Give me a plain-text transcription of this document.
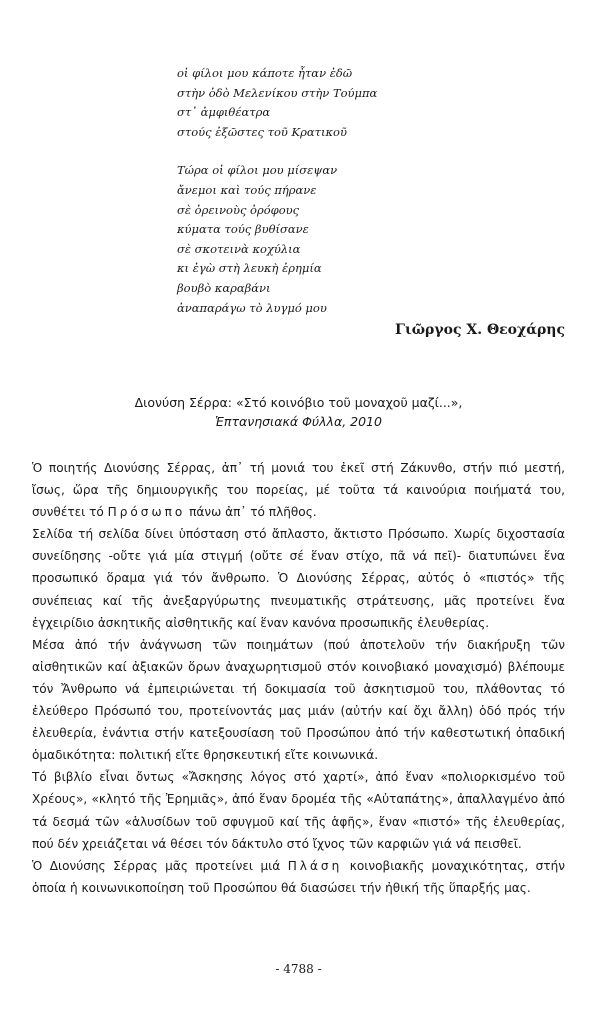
οἱ φίλοι μου κάποτε ἦταν ἐδῶ
στὴν ὁδὸ Μελενίκου στὴν Τούμπα
στ᾿ ἀμφιθέατρα
στούς ἐξῶστες τοῦ Κρατικοῦ
Τώρα οἱ φίλοι μου μίσεψαν
ἄνεμοι καὶ τούς πήρανε
σὲ ὀρεινοὺς ὀρόφους
κύματα τούς βυθίσανε
σὲ σκοτεινὰ κοχύλια
κι ἐγὼ στὴ λευκὴ ἐρημία
βουβὸ καραβάνι
ἀναπαράγω τὸ λυγμό μου
Γιῶργος Χ. Θεοχάρης
Διονύση Σέρρα: «Στό κοινόβιο τοῦ μοναχοῦ μαζί...»,
Ἑπτανησιακά Φύλλα, 2010

Ὁ ποιητής Διονύσης Σέρρας, ἀπ᾿ τή μονιά του ἐκεῖ στή Ζάκυνθο, στήν πιό μεστή, ἴσως, ὥρα τῆς δημιουργικῆς του πορείας, μέ τοῦτα τά καινούρια ποιήματά του, συνθέτει τό Πρόσωπο πάνω ἀπ᾿ τό πλῆθος.

Σελίδα τή σελίδα δίνει ὑπόσταση στό ἄπλαστο, ἄκτιστο Πρόσωπο. Χωρίς διχοστασία συνείδησης -οὔτε γιά μία στιγμή (οὔτε σέ ἕναν στίχο, πᾶ νά πεῖ)- διατυπώνει ἕνα προσωπικό ὅραμα γιά τόν ἄνθρωπο. Ὁ Διονύσης Σέρρας, αὐτός ὁ «πιστός» τῆς συνέπειας καί τῆς ἀνεξαργύρωτης πνευματικῆς στράτευσης, μᾶς προτείνει ἕνα ἐγχειρίδιο ἀσκητικῆς αἰσθητικῆς καί ἕναν κανόνα προσωπικῆς ἐλευθερίας.

Μέσα ἀπό τήν ἀνάγνωση τῶν ποιημάτων (πού ἀποτελοῦν τήν διακήρυξη τῶν αἰσθητικῶν καί ἀξιακῶν ὅρων ἀναχωρητισμοῦ στόν κοινοβιακό μοναχισμό) βλέπουμε τόν Ἄνθρωπο νά ἐμπειριώνεται τή δοκιμασία τοῦ ἀσκητισμοῦ του, πλάθοντας τό ἐλεύθερο Πρόσωπό του, προτείνοντάς μας μιάν (αὐτήν καί ὄχι ἄλλη) ὁδό πρός τήν ἐλευθερία, ἐνάντια στήν κατεξουσίαση τοῦ Προσώπου ἀπό τήν καθεστωτική ὀπαδική ὁμαδικότητα: πολιτική εἴτε θρησκευτική εἴτε κοινωνικά.

Τό βιβλίο εἶναι ὄντως «Ἄσκησης λόγος στό χαρτί», ἀπό ἕναν «πολιορκισμένο τοῦ Χρέους», «κλητό τῆς Ἐρημιᾶς», ἀπό ἕναν δρομέα τῆς «Αὐταπάτης», ἀπαλλαγμένο ἀπό τά δεσμά τῶν «ἁλυσίδων τοῦ σφυγμοῦ καί τῆς ἁφῆς», ἕναν «πιστό» τῆς ἐλευθερίας, πού δέν χρειάζεται νά θέσει τόν δάκτυλο στό ἴχνος τῶν καρφιῶν γιά νά πεισθεῖ.

Ὁ Διονύσης Σέρρας μᾶς προτείνει μιά Πλάση κοινοβιακῆς μοναχικότητας, στήν ὁποία ἡ κοινωνικοποίηση τοῦ Προσώπου θά διασώσει τήν ἠθική τῆς ὕπαρξής μας.

- 4788 -
